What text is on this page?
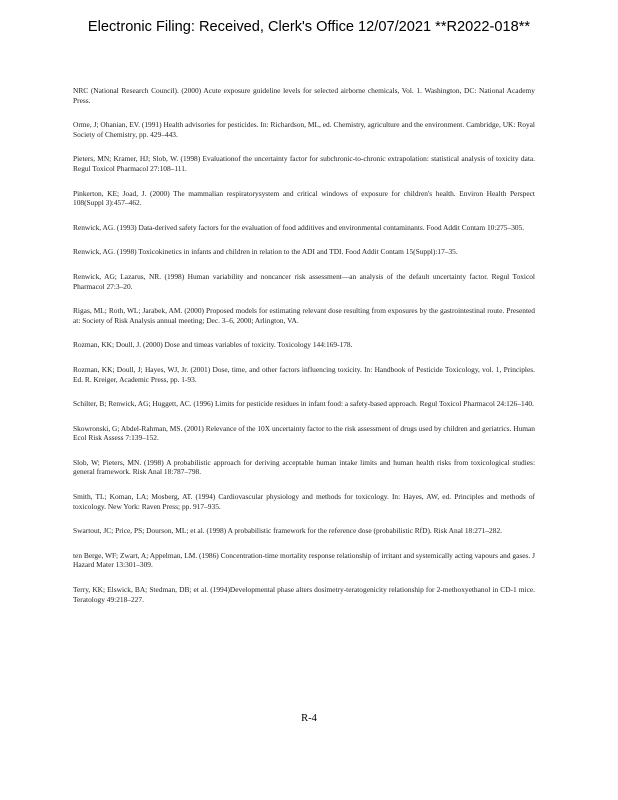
Electronic Filing: Received, Clerk's Office 12/07/2021 **R2022-018**

NRC (National Research Council). (2000) Acute exposure guideline levels for selected airborne chemicals, Vol. 1. Washington, DC: National Academy Press.

Orme, J; Ohanian, EV. (1991) Health advisories for pesticides. In: Richardson, ML, ed. Chemistry, agriculture and the environment. Cambridge, UK: Royal Society of Chemistry, pp. 429–443.

Pieters, MN; Kramer, HJ; Slob, W. (1998) Evaluationof the uncertainty factor for subchronic-to-chronic extrapolation: statistical analysis of toxicity data. Regul Toxicol Pharmacol 27:108–111.

Pinkerton, KE; Joad, J. (2000) The mammalian respiratorysystem and critical windows of exposure for children's health. Environ Health Perspect 108(Suppl 3):457–462.

Renwick, AG. (1993) Data-derived safety factors for the evaluation of food additives and environmental contaminants. Food Addit Contam 10:275–305.

Renwick, AG. (1998) Toxicokinetics in infants and children in relation to the ADI and TDI. Food Addit Contam 15(Suppl):17–35.

Renwick, AG; Lazarus, NR. (1998) Human variability and noncancer risk assessment—an analysis of the default uncertainty factor. Regul Toxicol Pharmacol 27:3–20.

Rigas, ML; Roth, WL; Jarabek, AM. (2000) Proposed models for estimating relevant dose resulting from exposures by the gastrointestinal route. Presented at: Society of Risk Analysis annual meeting; Dec. 3–6, 2000; Arlington, VA.

Rozman, KK; Doull, J. (2000) Dose and timeas variables of toxicity. Toxicology 144:169-178.

Rozman, KK; Doull, J; Hayes, WJ, Jr. (2001) Dose, time, and other factors influencing toxicity. In: Handbook of Pesticide Toxicology, vol. 1, Principles. Ed. R. Kreiger, Academic Press, pp. 1-93.

Schilter, B; Renwick, AG; Huggett, AC. (1996) Limits for pesticide residues in infant food: a safety-based approach. Regul Toxicol Pharmacol 24:126–140.

Skowronski, G; Abdel-Rahman, MS. (2001) Relevance of the 10X uncertainty factor to the risk assessment of drugs used by children and geriatrics. Human Ecol Risk Assess 7:139–152.

Slob, W; Pieters, MN. (1998) A probabilistic approach for deriving acceptable human intake limits and human health risks from toxicological studies: general framework. Risk Anal 18:787–798.

Smith, TL; Koman, LA; Mosberg, AT. (1994) Cardiovascular physiology and methods for toxicology. In: Hayes, AW, ed. Principles and methods of toxicology. New York: Raven Press; pp. 917–935.

Swartout, JC; Price, PS; Dourson, ML; et al. (1998) A probabilistic framework for the reference dose (probabilistic RfD). Risk Anal 18:271–282.

ten Berge, WF; Zwart, A; Appelman, LM. (1986) Concentration-time mortality response relationship of irritant and systemically acting vapours and gases. J Hazard Mater 13:301–309.

Terry, KK; Elswick, BA; Stedman, DB; et al. (1994)Developmental phase alters dosimetry-teratogenicity relationship for 2-methoxyethanol in CD-1 mice. Teratology 49:218–227.

R-4
